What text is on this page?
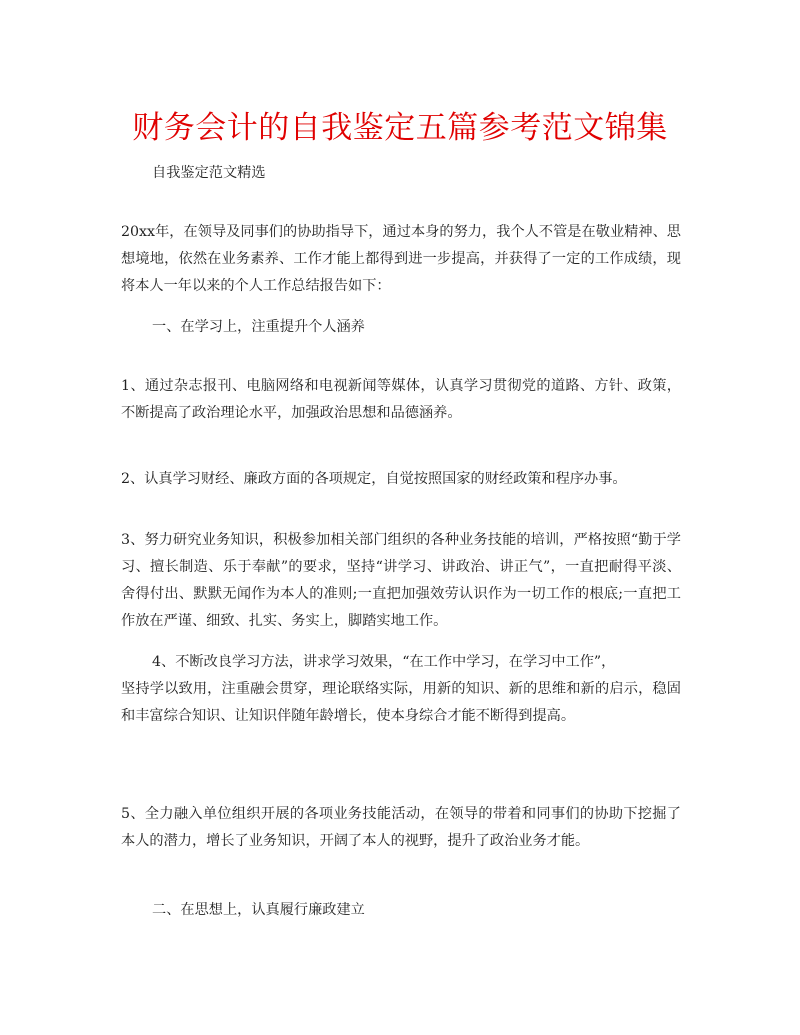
财务会计的自我鉴定五篇参考范文锦集

自我鉴定范文精选

20xx年，在领导及同事们的协助指导下，通过本身的努力，我个人不管是在敬业精神、思想境地，依然在业务素养、工作才能上都得到进一步提高，并获得了一定的工作成绩，现将本人一年以来的个人工作总结报告如下：

一、在学习上，注重提升个人涵养

1、通过杂志报刊、电脑网络和电视新闻等媒体，认真学习贯彻党的道路、方针、政策，不断提高了政治理论水平，加强政治思想和品德涵养。

2、认真学习财经、廉政方面的各项规定，自觉按照国家的财经政策和程序办事。

3、努力研究业务知识，积极参加相关部门组织的各种业务技能的培训，严格按照“勤于学习、擅长制造、乐于奉献”的要求，坚持“讲学习、讲政治、讲正气”，一直把耐得平淡、舍得付出、默默无闻作为本人的准则;一直把加强效劳认识作为一切工作的根底;一直把工作放在严谨、细致、扎实、务实上，脚踏实地工作。

4、不断改良学习方法，讲求学习效果，“在工作中学习，在学习中工作”，

坚持学以致用，注重融会贯穿，理论联络实际，用新的知识、新的思维和新的启示，稳固和丰富综合知识、让知识伴随年龄增长，使本身综合才能不断得到提高。

5、全力融入单位组织开展的各项业务技能活动，在领导的带着和同事们的协助下挖掘了本人的潜力，增长了业务知识，开阔了本人的视野，提升了政治业务才能。

二、在思想上，认真履行廉政建立
